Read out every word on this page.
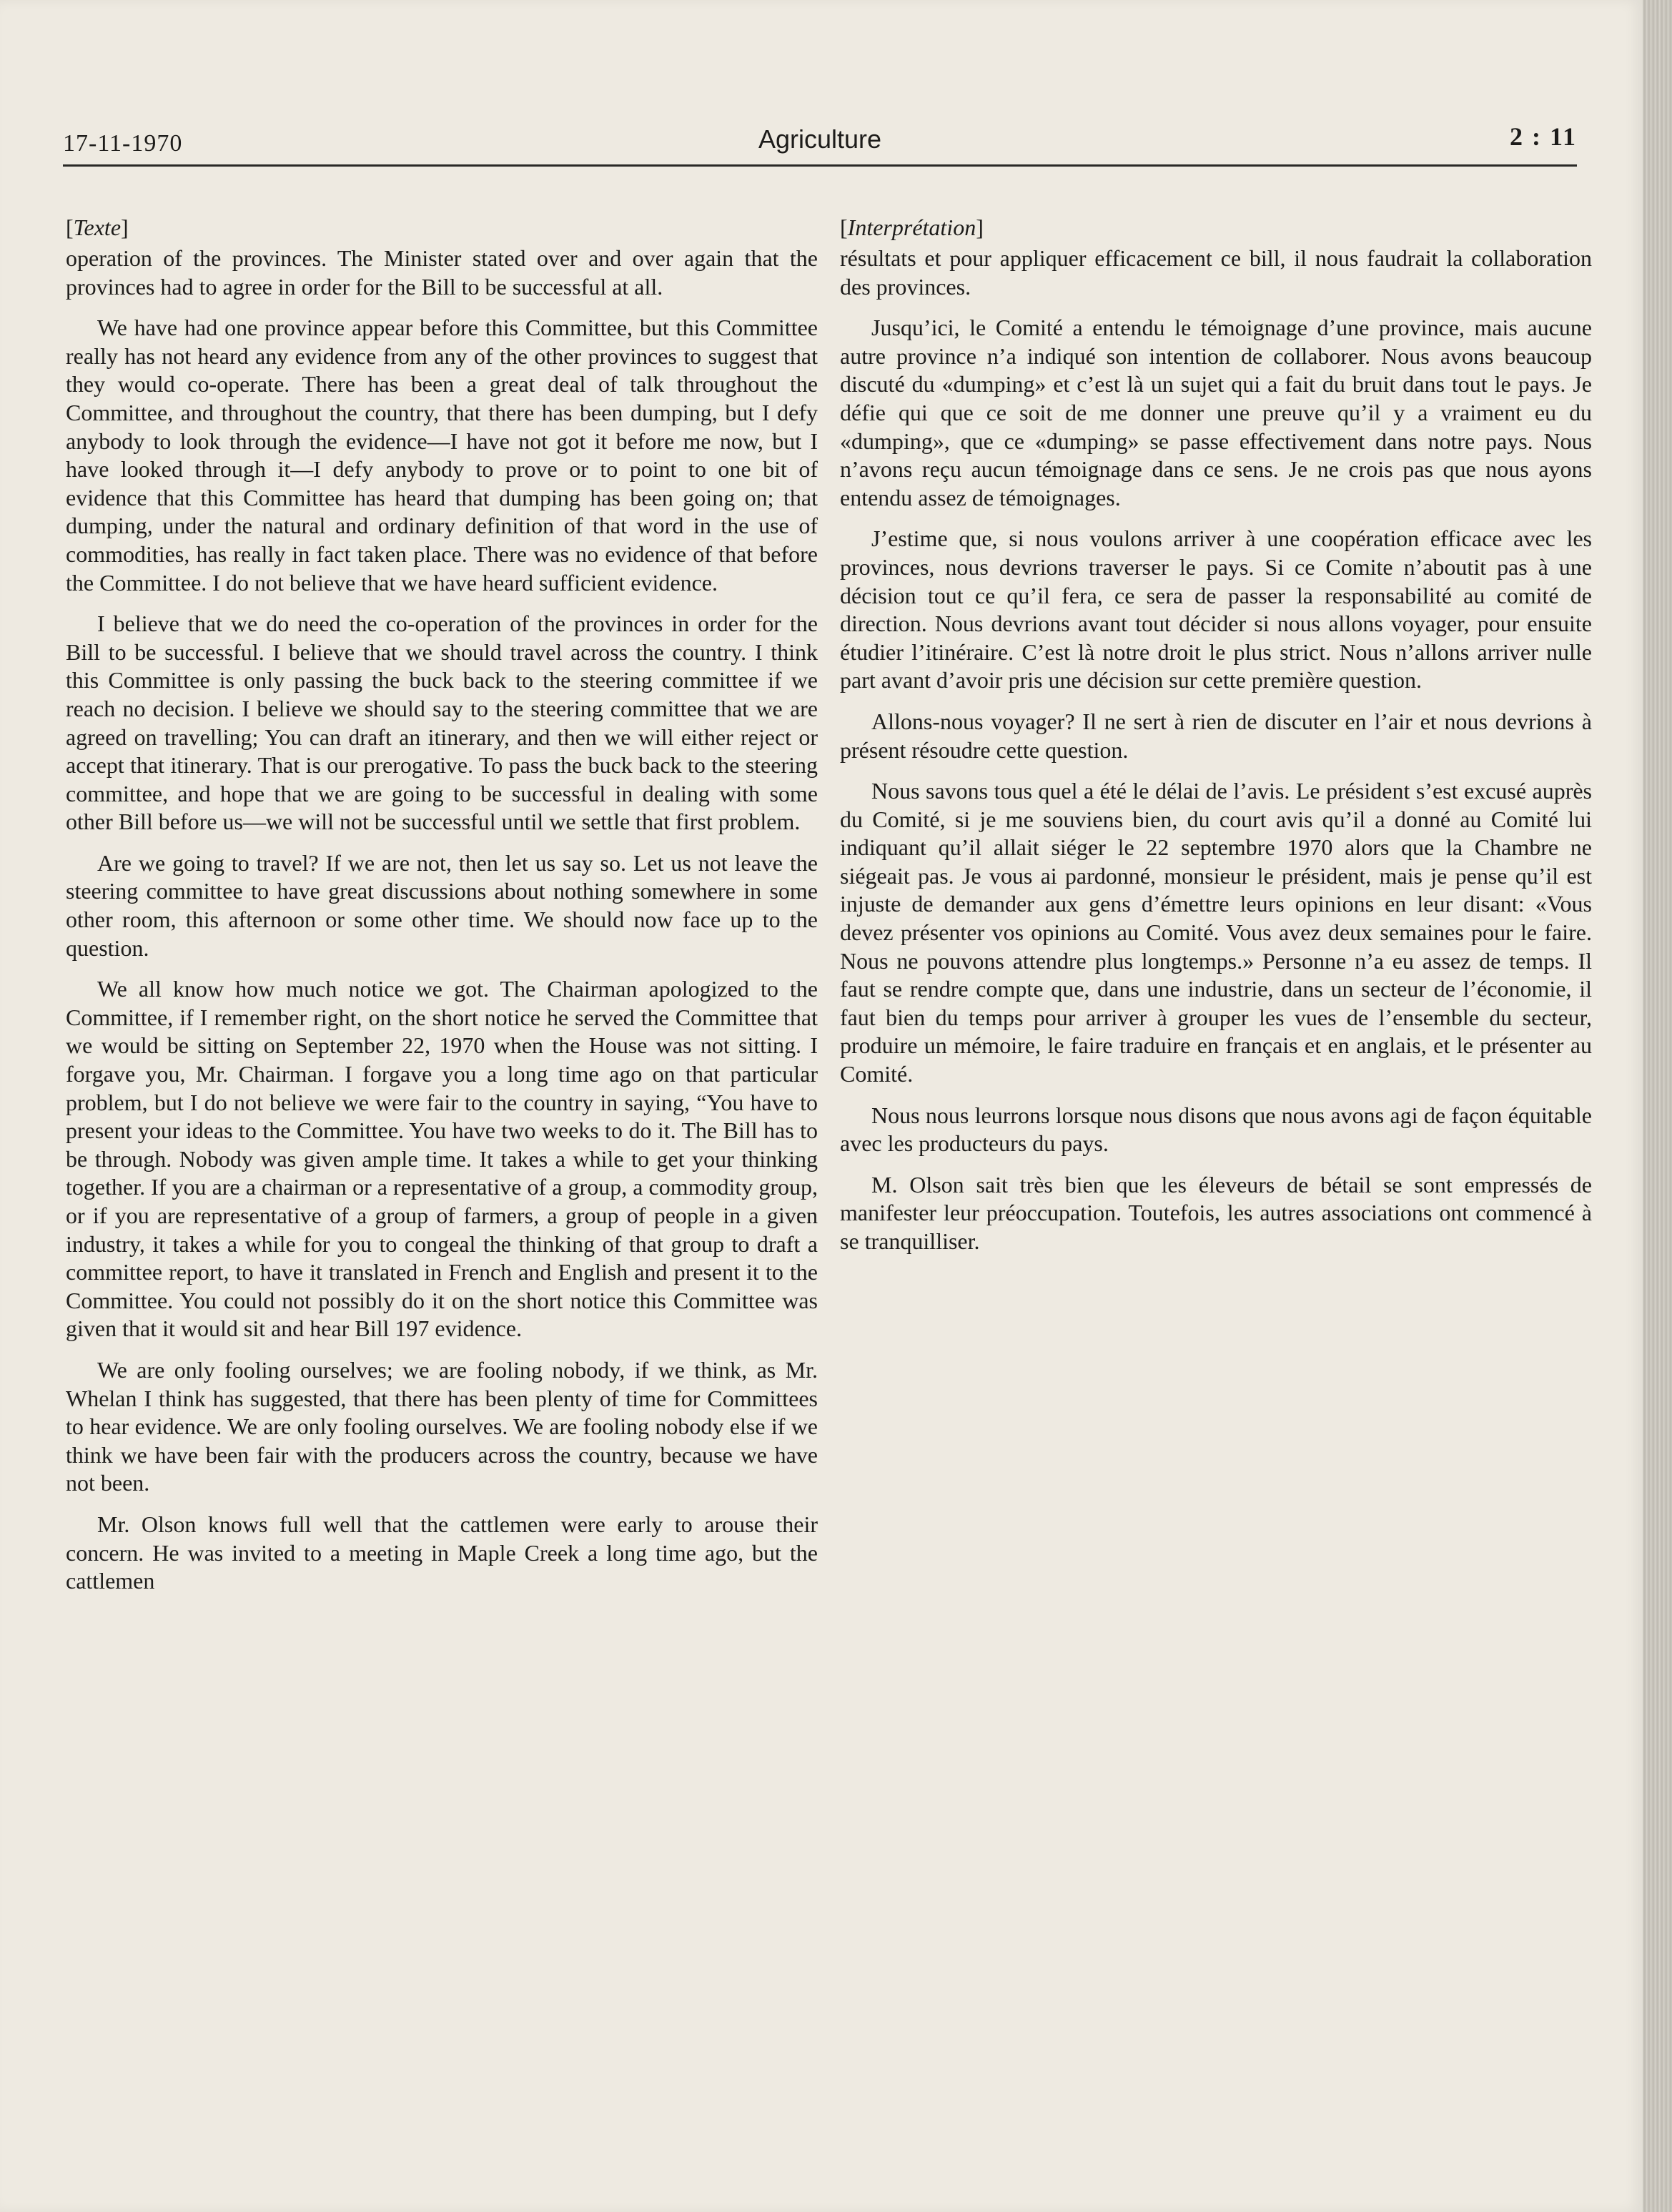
17-11-1970	Agriculture	2 : 11
[Texte]

operation of the provinces. The Minister stated over and over again that the provinces had to agree in order for the Bill to be successful at all.

We have had one province appear before this Committee, but this Committee really has not heard any evidence from any of the other provinces to suggest that they would co-operate. There has been a great deal of talk throughout the Committee, and throughout the country, that there has been dumping, but I defy anybody to look through the evidence—I have not got it before me now, but I have looked through it—I defy anybody to prove or to point to one bit of evidence that this Committee has heard that dumping has been going on; that dumping, under the natural and ordinary definition of that word in the use of commodities, has really in fact taken place. There was no evidence of that before the Committee. I do not believe that we have heard sufficient evidence.

I believe that we do need the co-operation of the provinces in order for the Bill to be successful. I believe that we should travel across the country. I think this Committee is only passing the buck back to the steering committee if we reach no decision. I believe we should say to the steering committee that we are agreed on travelling; You can draft an itinerary, and then we will either reject or accept that itinerary. That is our prerogative. To pass the buck back to the steering committee, and hope that we are going to be successful in dealing with some other Bill before us—we will not be successful until we settle that first problem.

Are we going to travel? If we are not, then let us say so. Let us not leave the steering committee to have great discussions about nothing somewhere in some other room, this afternoon or some other time. We should now face up to the question.

We all know how much notice we got. The Chairman apologized to the Committee, if I remember right, on the short notice he served the Committee that we would be sitting on September 22, 1970 when the House was not sitting. I forgave you, Mr. Chairman. I forgave you a long time ago on that particular problem, but I do not believe we were fair to the country in saying, “You have to present your ideas to the Committee. You have two weeks to do it. The Bill has to be through. Nobody was given ample time. It takes a while to get your thinking together. If you are a chairman or a representative of a group, a commodity group, or if you are representative of a group of farmers, a group of people in a given industry, it takes a while for you to congeal the thinking of that group to draft a committee report, to have it translated in French and English and present it to the Committee. You could not possibly do it on the short notice this Committee was given that it would sit and hear Bill 197 evidence.

We are only fooling ourselves; we are fooling nobody, if we think, as Mr. Whelan I think has suggested, that there has been plenty of time for Committees to hear evidence. We are only fooling ourselves. We are fooling nobody else if we think we have been fair with the producers across the country, because we have not been.

Mr. Olson knows full well that the cattlemen were early to arouse their concern. He was invited to a meeting in Maple Creek a long time ago, but the cattlemen

[Interprétation]

résultats et pour appliquer efficacement ce bill, il nous faudrait la collaboration des provinces.

Jusqu’ici, le Comité a entendu le témoignage d’une province, mais aucune autre province n’a indiqué son intention de collaborer. Nous avons beaucoup discuté du «dumping» et c’est là un sujet qui a fait du bruit dans tout le pays. Je défie qui que ce soit de me donner une preuve qu’il y a vraiment eu du «dumping», que ce «dumping» se passe effectivement dans notre pays. Nous n’avons reçu aucun témoignage dans ce sens. Je ne crois pas que nous ayons entendu assez de témoignages.

J’estime que, si nous voulons arriver à une coopération efficace avec les provinces, nous devrions traverser le pays. Si ce Comite n’aboutit pas à une décision tout ce qu’il fera, ce sera de passer la responsabilité au comité de direction. Nous devrions avant tout décider si nous allons voyager, pour ensuite étudier l’itinéraire. C’est là notre droit le plus strict. Nous n’allons arriver nulle part avant d’avoir pris une décision sur cette première question.

Allons-nous voyager? Il ne sert à rien de discuter en l’air et nous devrions à présent résoudre cette question.

Nous savons tous quel a été le délai de l’avis. Le président s’est excusé auprès du Comité, si je me souviens bien, du court avis qu’il a donné au Comité lui indiquant qu’il allait siéger le 22 septembre 1970 alors que la Chambre ne siégeait pas. Je vous ai pardonné, monsieur le président, mais je pense qu’il est injuste de demander aux gens d’émettre leurs opinions en leur disant: «Vous devez présenter vos opinions au Comité. Vous avez deux semaines pour le faire. Nous ne pouvons attendre plus longtemps.» Personne n’a eu assez de temps. Il faut se rendre compte que, dans une industrie, dans un secteur de l’économie, il faut bien du temps pour arriver à grouper les vues de l’ensemble du secteur, produire un mémoire, le faire traduire en français et en anglais, et le présenter au Comité.

Nous nous leurrons lorsque nous disons que nous avons agi de façon équitable avec les producteurs du pays.

M. Olson sait très bien que les éleveurs de bétail se sont empressés de manifester leur préoccupation. Toutefois, les autres associations ont commencé à se tranquilliser.
